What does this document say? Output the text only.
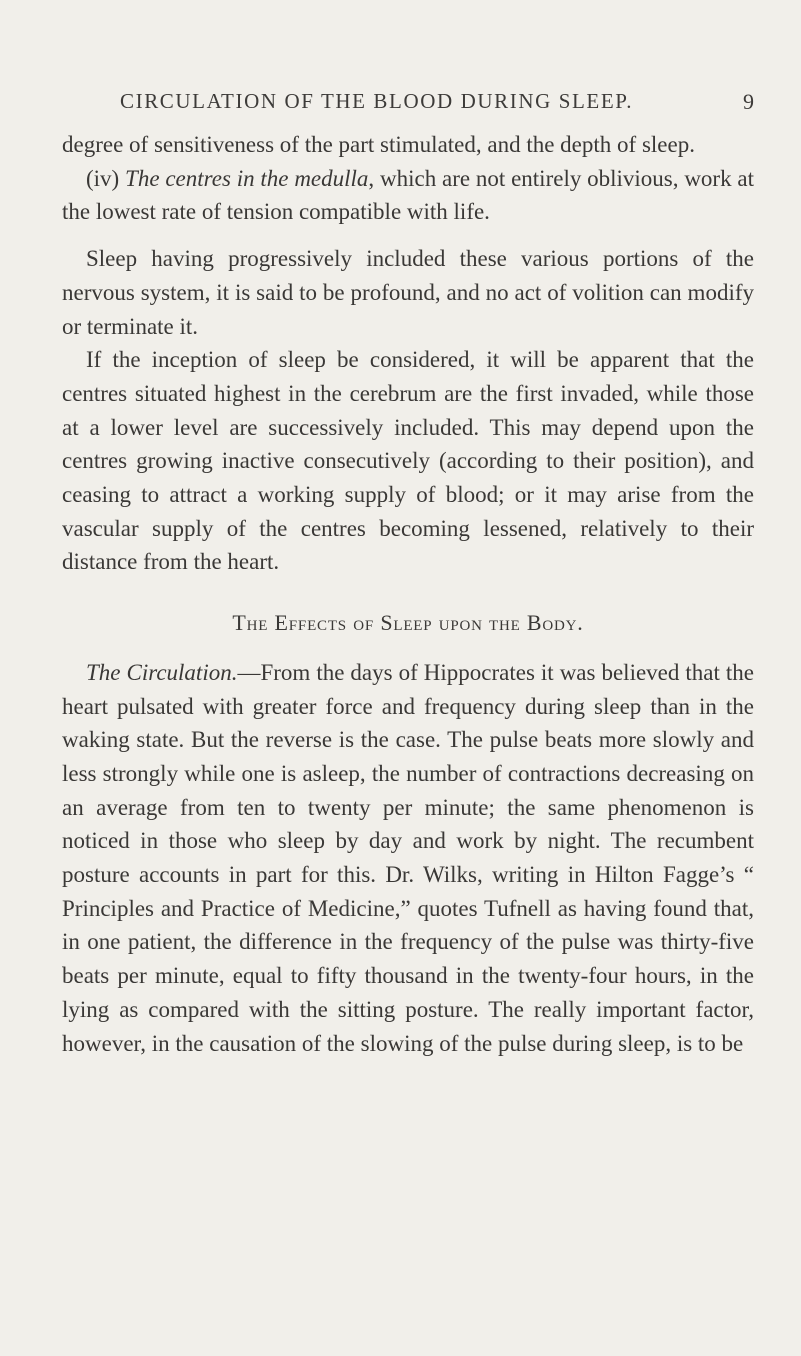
CIRCULATION OF THE BLOOD DURING SLEEP.	9

degree of sensitiveness of the part stimulated, and the depth of sleep.

(iv) The centres in the medulla, which are not entirely oblivious, work at the lowest rate of tension compatible with life.

Sleep having progressively included these various portions of the nervous system, it is said to be profound, and no act of volition can modify or terminate it.

If the inception of sleep be considered, it will be apparent that the centres situated highest in the cerebrum are the first invaded, while those at a lower level are successively included. This may depend upon the centres growing inactive consecutively (according to their position), and ceasing to attract a working supply of blood; or it may arise from the vascular supply of the centres becoming lessened, relatively to their distance from the heart.

The Effects of Sleep upon the Body.

The Circulation.—From the days of Hippocrates it was believed that the heart pulsated with greater force and frequency during sleep than in the waking state. But the reverse is the case. The pulse beats more slowly and less strongly while one is asleep, the number of contractions decreasing on an average from ten to twenty per minute; the same phenomenon is noticed in those who sleep by day and work by night. The recumbent posture accounts in part for this. Dr. Wilks, writing in Hilton Fagge’s “ Principles and Practice of Medicine,” quotes Tufnell as having found that, in one patient, the difference in the frequency of the pulse was thirty-five beats per minute, equal to fifty thousand in the twenty-four hours, in the lying as compared with the sitting posture. The really important factor, however, in the causation of the slowing of the pulse during sleep, is to be
